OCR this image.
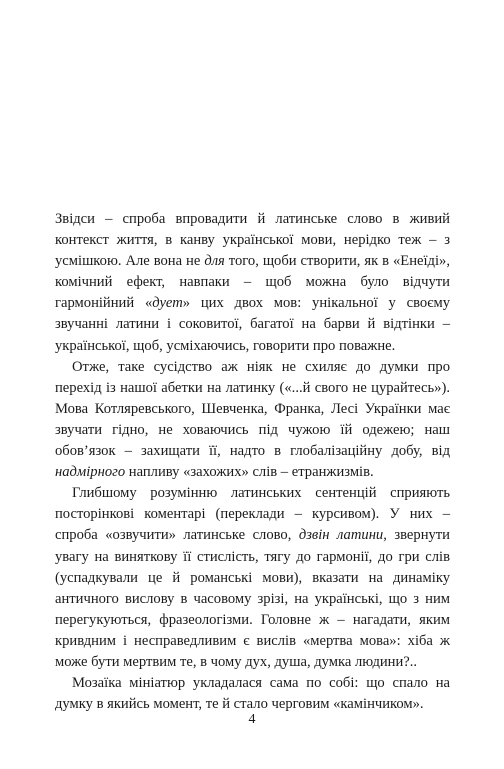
Звідси – спроба впровадити й латинське слово в живий контекст життя, в канву української мови, нерідко теж – з усмішкою. Але вона не для того, щоби створити, як в «Енеїді», комічний ефект, навпаки – щоб можна було відчути гармонійний «дует» цих двох мов: унікальної у своєму звучанні латини і соковитої, багатої на барви й відтінки – української, щоб, усміхаючись, говорити про поважне.

Отже, таке сусідство аж ніяк не схиляє до думки про перехід із нашої абетки на латинку («...й свого не цурайтесь»). Мова Котляревського, Шевченка, Франка, Лесі Українки має звучати гідно, не ховаючись під чужою їй одежею; наш обов’язок – захищати її, надто в глобалізаційну добу, від надмірного напливу «захожих» слів – етранжизмів.

Глибшому розумінню латинських сентенцій сприяють посторінкові коментарі (переклади – курсивом). У них – спроба «озвучити» латинське слово, дзвін латини, звернути увагу на виняткову її стислість, тягу до гармонії, до гри слів (успадкували це й романські мови), вказати на динаміку античного вислову в часовому зрізі, на українські, що з ним перегукуються, фразеологізми. Головне ж – нагадати, яким кривдним і несправедливим є вислів «мертва мова»: хіба ж може бути мертвим те, в чому дух, душа, думка людини?..

Мозаїка мініатюр укладалася сама по собі: що спало на думку в якийсь момент, те й стало черговим «камінчиком».

4
